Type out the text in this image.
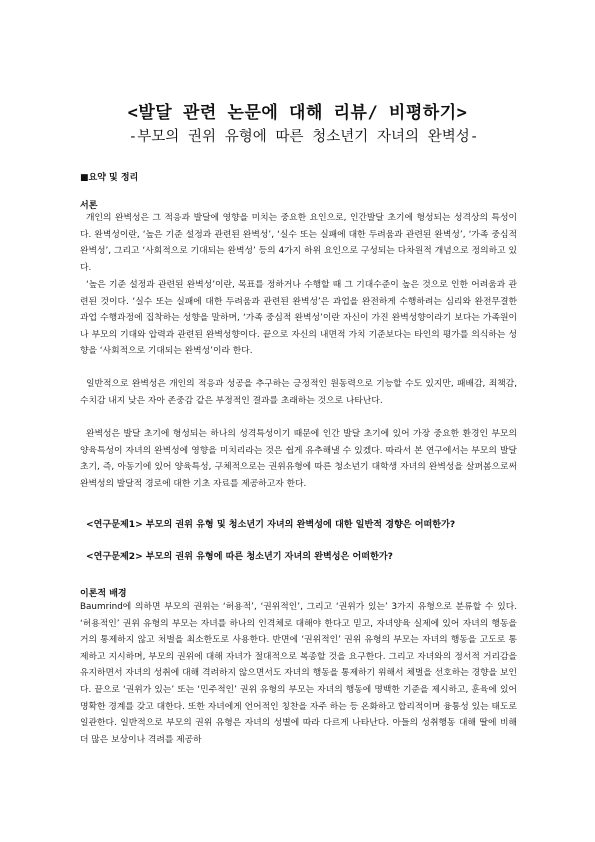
<발달 관련 논문에 대해 리뷰/ 비평하기>
-부모의 권위 유형에 따른 청소년기 자녀의 완벽성-
■요약 및 정리
서론

개인의 완벽성은 그 적응과 발달에 영향을 미치는 중요한 요인으로, 인간발달 초기에 형성되는 성격상의 특성이다. 완벽성이란, ‘높은 기준 설정과 관련된 완벽성’, ‘실수 또는 실패에 대한 두려움과 관련된 완벽성’, ‘가족 중심적 완벽성’, 그리고 ‘사회적으로 기대되는 완벽성’ 등의 4가지 하위 요인으로 구성되는 다차원적 개념으로 정의하고 있다.

‘높은 기준 설정과 관련된 완벽성’이란, 목표를 정하거나 수행할 때 그 기대수준이 높은 것으로 인한 어려움과 관련된 것이다. ‘실수 또는 실패에 대한 두려움과 관련된 완벽성’은 과업을 완전하게 수행하려는 심리와 완전무결한 과업 수행과정에 집착하는 성향을 말하며, ‘가족 중심적 완벽성’이란 자신이 가진 완벽성향이라기 보다는 가족원이나 부모의 기대와 압력과 관련된 완벽성향이다. 끝으로 자신의 내면적 가치 기준보다는 타인의 평가를 의식하는 성향을 ‘사회적으로 기대되는 완벽성’이라 한다.

일반적으로 완벽성은 개인의 적응과 성공을 추구하는 긍정적인 원동력으로 기능할 수도 있지만, 패배감, 죄책감, 수치감 내지 낮은 자아 존중감 같은 부정적인 결과를 초래하는 것으로 나타난다.

완벽성은 발달 초기에 형성되는 하나의 성격특성이기 때문에 인간 발달 초기에 있어 가장 중요한 환경인 부모의 양육특성이 자녀의 완벽성에 영향을 미치리라는 것은 쉽게 유추해낼 수 있겠다. 따라서 본 연구에서는 부모의 발달초기, 즉, 아동기에 있어 양육특성, 구체적으로는 권위유형에 따른 청소년기 대학생 자녀의 완벽성을 살펴봄으로써 완벽성의 발달적 경로에 대한 기초 자료를 제공하고자 한다.

<연구문제1> 부모의 권위 유형 및 청소년기 자녀의 완벽성에 대한 일반적 경향은 어떠한가?

<연구문제2> 부모의 권위 유형에 따른 청소년기 자녀의 완벽성은 어떠한가?

이론적 배경

Baumrind에 의하면 부모의 권위는 ‘허용적’, ‘권위적인’, 그리고 ‘권위가 있는’ 3가지 유형으로 분류할 수 있다. ‘허용적인’ 권위 유형의 부모는 자녀를 하나의 인격체로 대해야 한다고 믿고, 자녀양육 실제에 있어 자녀의 행동을 거의 통제하지 않고 처벌을 최소한도로 사용한다. 반면에 ‘권위적인’ 권위 유형의 부모는 자녀의 행동을 고도로 통제하고 지시하며, 부모의 권위에 대해 자녀가 절대적으로 복종할 것을 요구한다. 그리고 자녀와의 정서적 거리감을 유지하면서 자녀의 성취에 대해 격려하지 않으면서도 자녀의 행동을 통제하기 위해서 체벌을 선호하는 경향을 보인다. 끝으로 ‘권위가 있는’ 또는 ‘민주적인’ 권위 유형의 부모는 자녀의 행동에 명백한 기준을 제시하고, 훈육에 있어 명확한 경계를 갖고 대한다. 또한 자녀에게 언어적인 칭찬을 자주 하는 등 온화하고 합리적이며 융통성 있는 태도로 일관한다. 일반적으로 부모의 권위 유형은 자녀의 성별에 따라 다르게 나타난다. 아들의 성취행동 대해 딸에 비해 더 많은 보상이나 격려를 제공하
